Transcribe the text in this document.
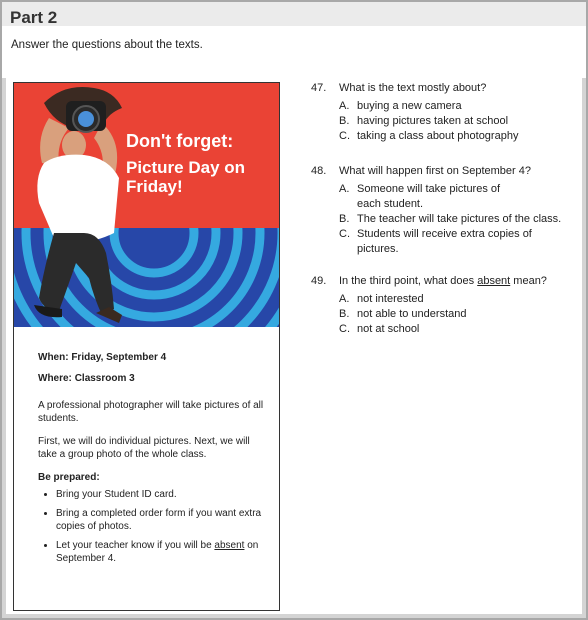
Part 2
Answer the questions about the texts.
Don't forget:
Picture Day on Friday!

When: Friday, September 4

Where: Classroom 3

A professional photographer will take pictures of all students.

First, we will do individual pictures. Next, we will take a group photo of the whole class.

Be prepared:

• Bring your Student ID card.
• Bring a completed order form if you want extra copies of photos.
• Let your teacher know if you will be absent on September 4.
47.	What is the text mostly about?
A. buying a new camera
B. having pictures taken at school
C. taking a class about photography
48.	What will happen first on September 4?
A. Someone will take pictures of each student.
B. The teacher will take pictures of the class.
C. Students will receive extra copies of pictures.
49.	In the third point, what does absent mean?
A. not interested
B. not able to understand
C. not at school
